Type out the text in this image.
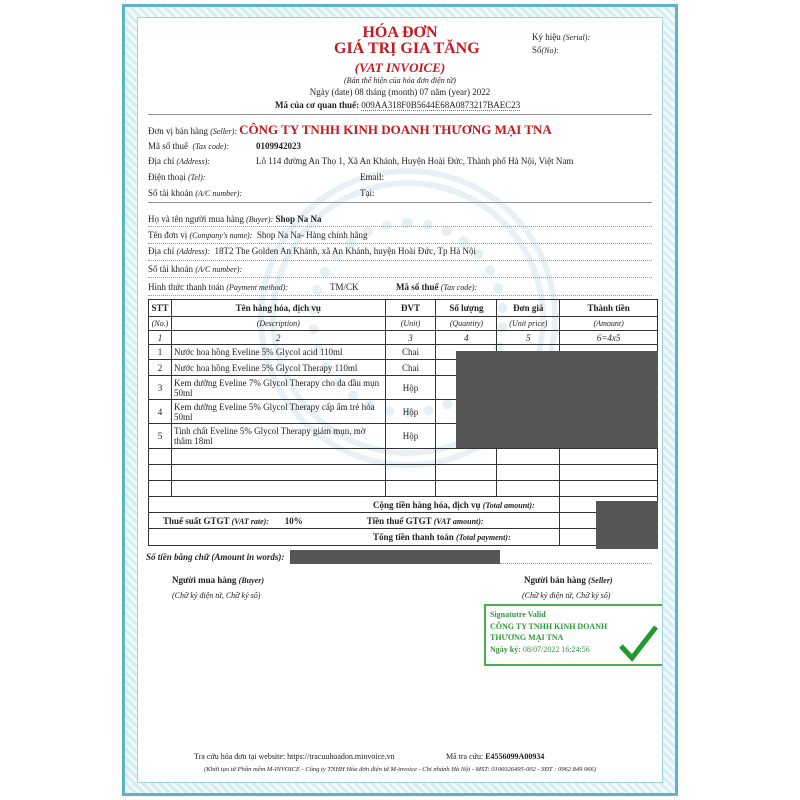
HÓA ĐƠN
GIÁ TRỊ GIA TĂNG
(VAT INVOICE)
(Bản thể hiện của hóa đơn điện tử)
Ngày (date) 08 tháng (month) 07 năm (year) 2022
Mã của cơ quan thuế: 009AA318F0B5644E68A0873217BAEC23
Ký hiệu (Serial):
Số(No):
Đơn vị bán hàng (Seller): CÔNG TY TNHH KINH DOANH THƯƠNG MẠI TNA
Mã số thuế (Tax code):	0109942023
Địa chỉ (Address):	Lô 114 đường An Thọ 1, Xã An Khánh, Huyện Hoài Đức, Thành phố Hà Nội, Việt Nam
Điện thoại (Tel):	Email:
Số tài khoản (A/C number):	Tại:
Họ và tên người mua hàng (Buyer): Shop Na Na
Tên đơn vị (Company's name): Shop Na Na- Hàng chính hãng
Địa chỉ (Address): 18T2 The Golden An Khánh, xã An Khánh, huyện Hoài Đức, Tp Hà Nội
Số tài khoản (A/C number):
Hình thức thanh toán (Payment method):	TM/CK	Mã số thuế (Tax code):
STT	Tên hàng hóa, dịch vụ	ĐVT	Số lượng	Đơn giá	Thành tiền
(No.)	(Description)	(Unit)	(Quantity)	(Unit price)	(Amount)
1	2	3	4	5	6=4x5
1	Nước hoa hồng Eveline 5% Glycol acid 110ml	Chai			
2	Nước hoa hồng Eveline 5% Glycol Therapy 110ml	Chai			
3	Kem dưỡng Eveline 7% Glycol Therapy cho da dầu mụn 50ml	Hộp			
4	Kem dưỡng Eveline 5% Glycol Therapy cấp ẩm trẻ hóa 50ml	Hộp			
5	Tinh chất Eveline 5% Glycol Therapy giảm mụn, mờ thâm 18ml	Hộp			

Cộng tiền hàng hóa, dịch vụ (Total amount):					
Thuế suất GTGT (VAT rate): 10% Tiền thuế GTGT (VAT amount):					
Tổng tiền thanh toán (Total payment):					
Số tiền bằng chữ (Amount in words):
Người mua hàng (Buyer)
(Chữ ký điện tử, Chữ ký số)
Người bán hàng (Seller)
(Chữ ký điện tử, Chữ ký số)
Signatutre Valid
CÔNG TY TNHH KINH DOANH THƯƠNG MẠI TNA
Ngày ký: 08/07/2022 16:24:56
Tra cứu hóa đơn tại website: https://tracuuhoadon.minvoice.vn	Mã tra cứu: E4556099A00934
(Khởi tạo từ Phần mềm M-INVOICE - Công ty TNHH Hóa đơn điện tử M-invoice - Chi nhánh Hà Nội - MST: 0106026495-002 - SĐT : 0962 849 066)
